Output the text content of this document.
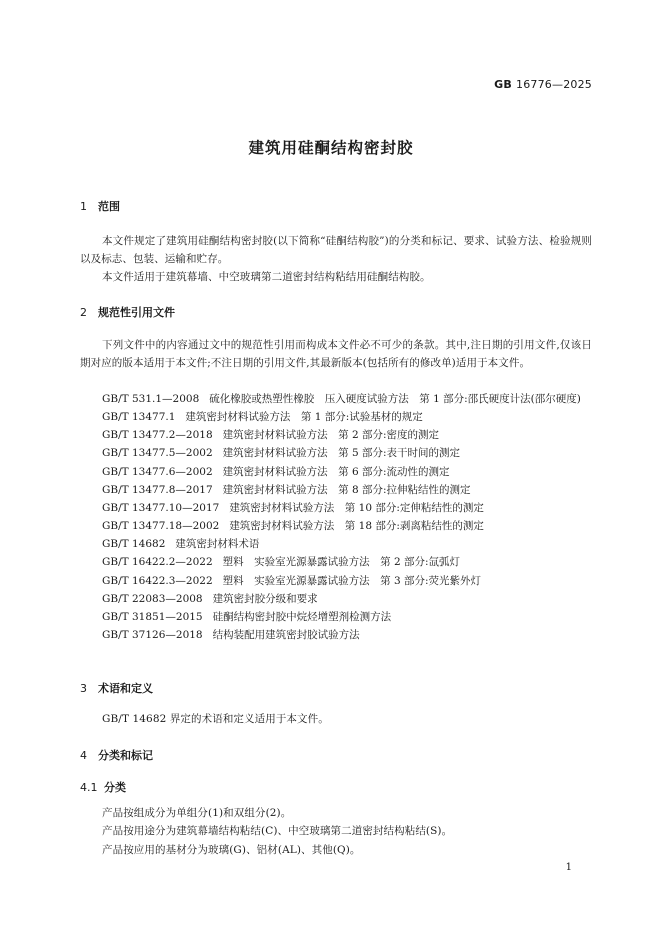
GB 16776—2025
建筑用硅酮结构密封胶
1 范围
本文件规定了建筑用硅酮结构密封胶(以下简称“硅酮结构胶”)的分类和标记、要求、试验方法、检验规则以及标志、包装、运输和贮存。
本文件适用于建筑幕墙、中空玻璃第二道密封结构粘结用硅酮结构胶。
2 规范性引用文件
下列文件中的内容通过文中的规范性引用而构成本文件必不可少的条款。其中,注日期的引用文件,仅该日期对应的版本适用于本文件;不注日期的引用文件,其最新版本(包括所有的修改单)适用于本文件。
GB/T 531.1—2008 硫化橡胶或热塑性橡胶　压入硬度试验方法　第 1 部分:邵氏硬度计法(邵尔硬度)
GB/T 13477.1 建筑密封材料试验方法　第 1 部分:试验基材的规定
GB/T 13477.2—2018 建筑密封材料试验方法　第 2 部分:密度的测定
GB/T 13477.5—2002 建筑密封材料试验方法　第 5 部分:表干时间的测定
GB/T 13477.6—2002 建筑密封材料试验方法　第 6 部分:流动性的测定
GB/T 13477.8—2017 建筑密封材料试验方法　第 8 部分:拉伸粘结性的测定
GB/T 13477.10—2017 建筑密封材料试验方法　第 10 部分:定伸粘结性的测定
GB/T 13477.18—2002 建筑密封材料试验方法　第 18 部分:剥离粘结性的测定
GB/T 14682 建筑密封材料术语
GB/T 16422.2—2022 塑料　实验室光源暴露试验方法　第 2 部分:氙弧灯
GB/T 16422.3—2022 塑料　实验室光源暴露试验方法　第 3 部分:荧光紫外灯
GB/T 22083—2008 建筑密封胶分级和要求
GB/T 31851—2015 硅酮结构密封胶中烷烃增塑剂检测方法
GB/T 37126—2018 结构装配用建筑密封胶试验方法
3 术语和定义
GB/T 14682 界定的术语和定义适用于本文件。
4 分类和标记
4.1 分类
产品按组成分为单组分(1)和双组分(2)。
产品按用途分为建筑幕墙结构粘结(C)、中空玻璃第二道密封结构粘结(S)。
产品按应用的基材分为玻璃(G)、铝材(AL)、其他(Q)。
1
